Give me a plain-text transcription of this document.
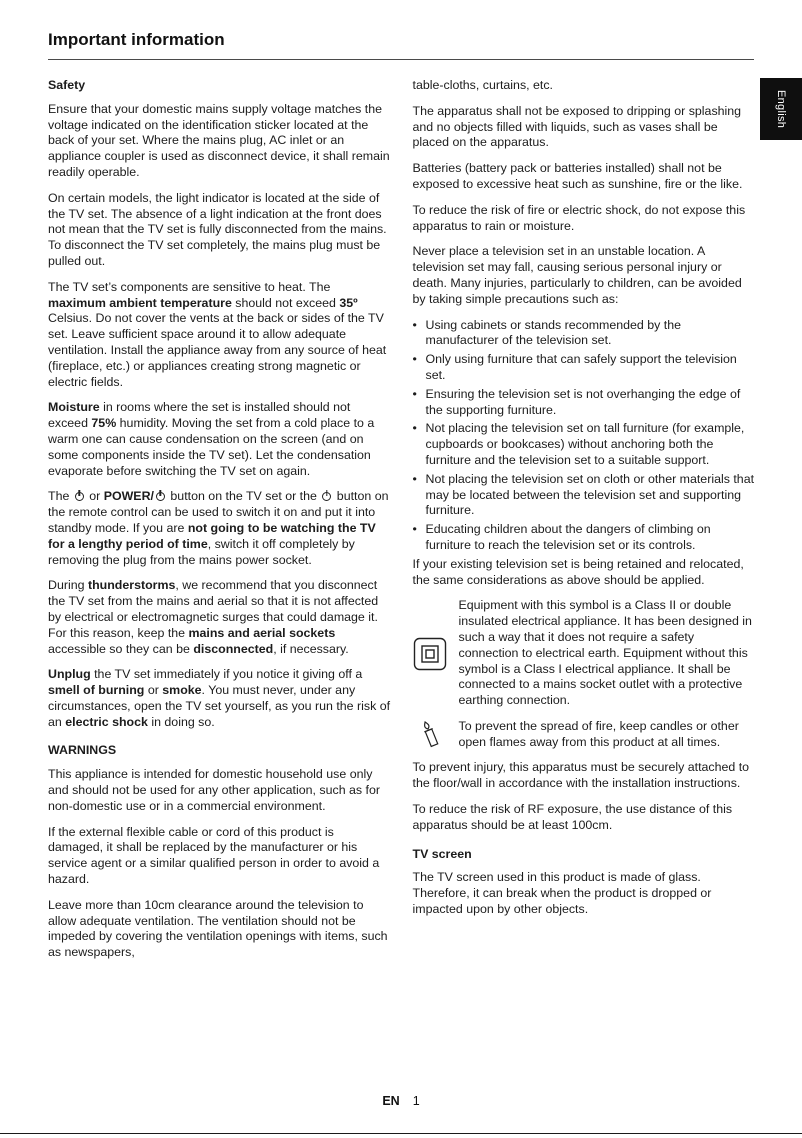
Important information
English
Safety
Ensure that your domestic mains supply voltage matches the voltage indicated on the identification sticker located at the back of your set. Where the mains plug, AC inlet or an appliance coupler is used as disconnect device, it shall remain readily operable.
On certain models, the light indicator is located at the side of the TV set. The absence of a light indication at the front does not mean that the TV set is fully disconnected from the mains. To disconnect the TV set completely, the mains plug must be pulled out.
The TV set’s components are sensitive to heat. The maximum ambient temperature should not exceed 35º Celsius. Do not cover the vents at the back or sides of the TV set. Leave sufficient space around it to allow adequate ventilation. Install the appliance away from any source of heat (fireplace, etc.) or appliances creating strong magnetic or electric fields.
Moisture in rooms where the set is installed should not exceed 75% humidity. Moving the set from a cold place to a warm one can cause condensation on the screen (and on some components inside the TV set). Let the condensation evaporate before switching the TV set on again.
The  or POWER/ button on the TV set or the  button on the remote control can be used to switch it on and put it into standby mode. If you are not going to be watching the TV for a lengthy period of time, switch it off completely by removing the plug from the mains power socket.
During thunderstorms, we recommend that you disconnect the TV set from the mains and aerial so that it is not affected by electrical or electromagnetic surges that could damage it. For this reason, keep the mains and aerial sockets accessible so they can be disconnected, if necessary.
Unplug the TV set immediately if you notice it giving off a smell of burning or smoke. You must never, under any circumstances, open the TV set yourself, as you run the risk of an electric shock in doing so.
WARNINGS
This appliance is intended for domestic household use only and should not be used for any other application, such as for non-domestic use or in a commercial environment.
If the external flexible cable or cord of this product is damaged, it shall be replaced by the manufacturer or his service agent or a similar qualified person in order to avoid a hazard.
Leave more than 10cm clearance around the television to allow adequate ventilation. The ventilation should not be impeded by covering the ventilation openings with items, such as newspapers,
table-cloths, curtains, etc.
The apparatus shall not be exposed to dripping or splashing and no objects filled with liquids, such as vases shall be placed on the apparatus.
Batteries (battery pack or batteries installed) shall not be exposed to excessive heat such as sunshine, fire or the like.
To reduce the risk of fire or electric shock, do not expose this apparatus to rain or moisture.
Never place a television set in an unstable location. A television set may fall, causing serious personal injury or death. Many injuries, particularly to children, can be avoided by taking simple precautions such as:
• Using cabinets or stands recommended by the manufacturer of the television set.
• Only using furniture that can safely support the television set.
• Ensuring the television set is not overhanging the edge of the supporting furniture.
• Not placing the television set on tall furniture (for example, cupboards or bookcases) without anchoring both the furniture and the television set to a suitable support.
• Not placing the television set on cloth or other materials that may be located between the television set and supporting furniture.
• Educating children about the dangers of climbing on furniture to reach the television set or its controls.
If your existing television set is being retained and relocated, the same considerations as above should be applied.
Equipment with this symbol is a Class II or double insulated electrical appliance. It has been designed in such a way that it does not require a safety connection to electrical earth. Equipment without this symbol is a Class I electrical appliance. It shall be connected to a mains socket outlet with a protective earthing connection.
To prevent the spread of fire, keep candles or other open flames away from this product at all times.
To prevent injury, this apparatus must be securely attached to the floor/wall in accordance with the installation instructions.
To reduce the risk of RF exposure, the use distance of this apparatus should be at least 100cm.
TV screen
The TV screen used in this product is made of glass. Therefore, it can break when the product is dropped or impacted upon by other objects.
EN 1
